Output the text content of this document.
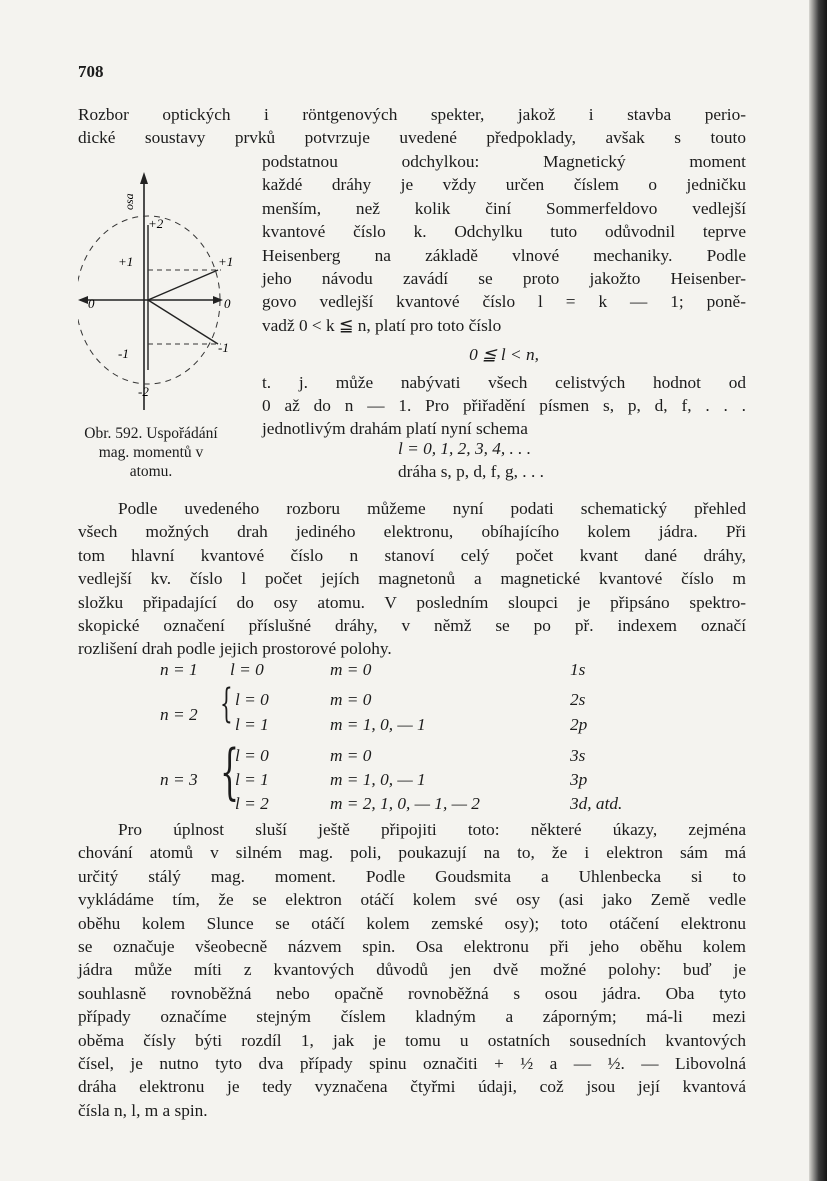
708

Rozbor optických i röntgenových spekter, jakož i stavba perio-
dické soustavy prvků potvrzuje uvedené předpoklady, avšak s touto

podstatnou odchylkou: Magnetický moment
každé dráhy je vždy určen číslem o jedničku
menším, než kolik činí Sommerfeldovo vedlejší
kvantové číslo k. Odchylku tuto odůvodnil teprve
Heisenberg na základě vlnové mechaniky. Podle
jeho návodu zavádí se proto jakožto Heisenber-
govo vedlejší kvantové číslo l = k — 1; poně-
vadž 0 < k ≦ n, platí pro toto číslo
0 ≦ l < n,
t. j. může nabývati všech celistvých hodnot od
0 až do n — 1. Pro přiřadění písmen s, p, d, f, . . .
jednotlivým drahám platí nyní schema
l = 0, 1, 2, 3, 4, . . .
dráha s, p, d, f, g, . . .
osa
+2
+1	+1
0	0
-1	-1
-2

Obr. 592. Uspořádání mag. momentů v atomu.

Podle uvedeného rozboru můžeme nyní podati schematický přehled
všech možných drah jediného elektronu, obíhajícího kolem jádra. Při
tom hlavní kvantové číslo n stanoví celý počet kvant dané dráhy,
vedlejší kv. číslo l počet jejích magnetonů a magnetické kvantové číslo m
složku připadající do osy atomu. V posledním sloupci je připsáno spektro-
skopické označení příslušné dráhy, v němž se po př. indexem označí
rozlišení drah podle jejich prostorové polohy.

n = 1 l = 0	m = 0	1s
n = 2 { l = 0	m = 0	2s
l = 1	m = 1, 0, — 1	2p
{
l = 0	m = 0	3s
n = 3 l = 1	m = 1, 0, — 1	3p
l = 2	m = 2, 1, 0, — 1, — 2	3d, atd.

Pro úplnost sluší ještě připojiti toto: některé úkazy, zejména
chování atomů v silném mag. poli, poukazují na to, že i elektron sám má
určitý stálý mag. moment. Podle Goudsmita a Uhlenbecka si to
vykládáme tím, že se elektron otáčí kolem své osy (asi jako Země vedle
oběhu kolem Slunce se otáčí kolem zemské osy); toto otáčení elektronu
se označuje všeobecně názvem spin. Osa elektronu při jeho oběhu kolem
jádra může míti z kvantových důvodů jen dvě možné polohy: buď je
souhlasně rovnoběžná nebo opačně rovnoběžná s osou jádra. Oba tyto
případy označíme stejným číslem kladným a záporným; má-li mezi
oběma čísly býti rozdíl 1, jak je tomu u ostatních sousedních kvantových
čísel, je nutno tyto dva případy spinu označiti + ½ a — ½. — Libovolná
dráha elektronu je tedy vyznačena čtyřmi údaji, což jsou její kvantová
čísla n, l, m a spin.
